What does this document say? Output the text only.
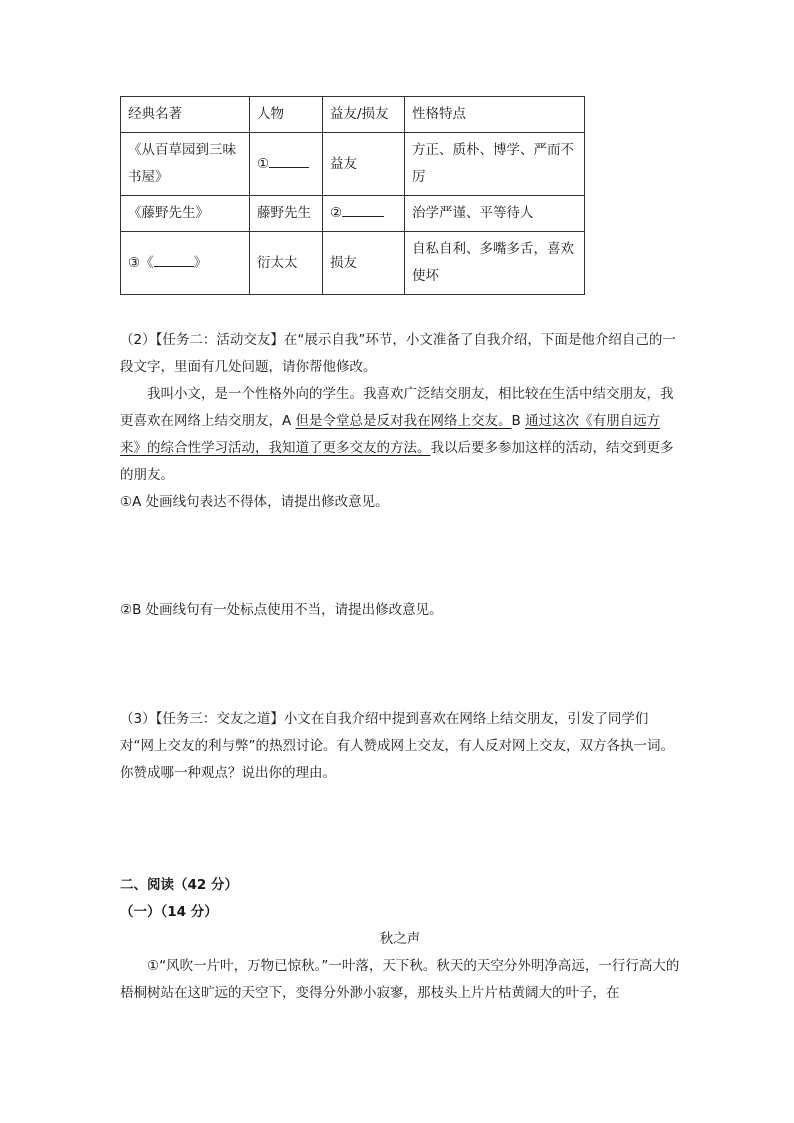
经典名著	人物	益友/损友	性格特点
《从百草园到三味书屋》	①	益友	方正、质朴、博学、严而不厉
《藤野先生》	藤野先生	②	治学严谨、平等待人
③《 》	衍太太	损友	自私自利、多嘴多舌，喜欢使坏

（2）【任务二：活动交友】在“展示自我”环节，小文准备了自我介绍，下面是他介绍自己的一段文字，里面有几处问题，请你帮他修改。

我叫小文，是一个性格外向的学生。我喜欢广泛结交朋友，相比较在生活中结交朋友，我更喜欢在网络上结交朋友，A 但是令堂总是反对我在网络上交友。B 通过这次《有朋自远方来》的综合性学习活动，我知道了更多交友的方法。我以后要多参加这样的活动，结交到更多的朋友。

①A 处画线句表达不得体，请提出修改意见。

②B 处画线句有一处标点使用不当，请提出修改意见。

（3）【任务三：交友之道】小文在自我介绍中提到喜欢在网络上结交朋友，引发了同学们对“网上交友的利与弊”的热烈讨论。有人赞成网上交友，有人反对网上交友，双方各执一词。你赞成哪一种观点？说出你的理由。

二、阅读（42 分）

（一）（14 分）

秋之声

①“风吹一片叶，万物已惊秋。”一叶落，天下秋。秋天的天空分外明净高远，一行行高大的梧桐树站在这旷远的天空下，变得分外渺小寂寥，那枝头上片片枯黄阔大的叶子，在
